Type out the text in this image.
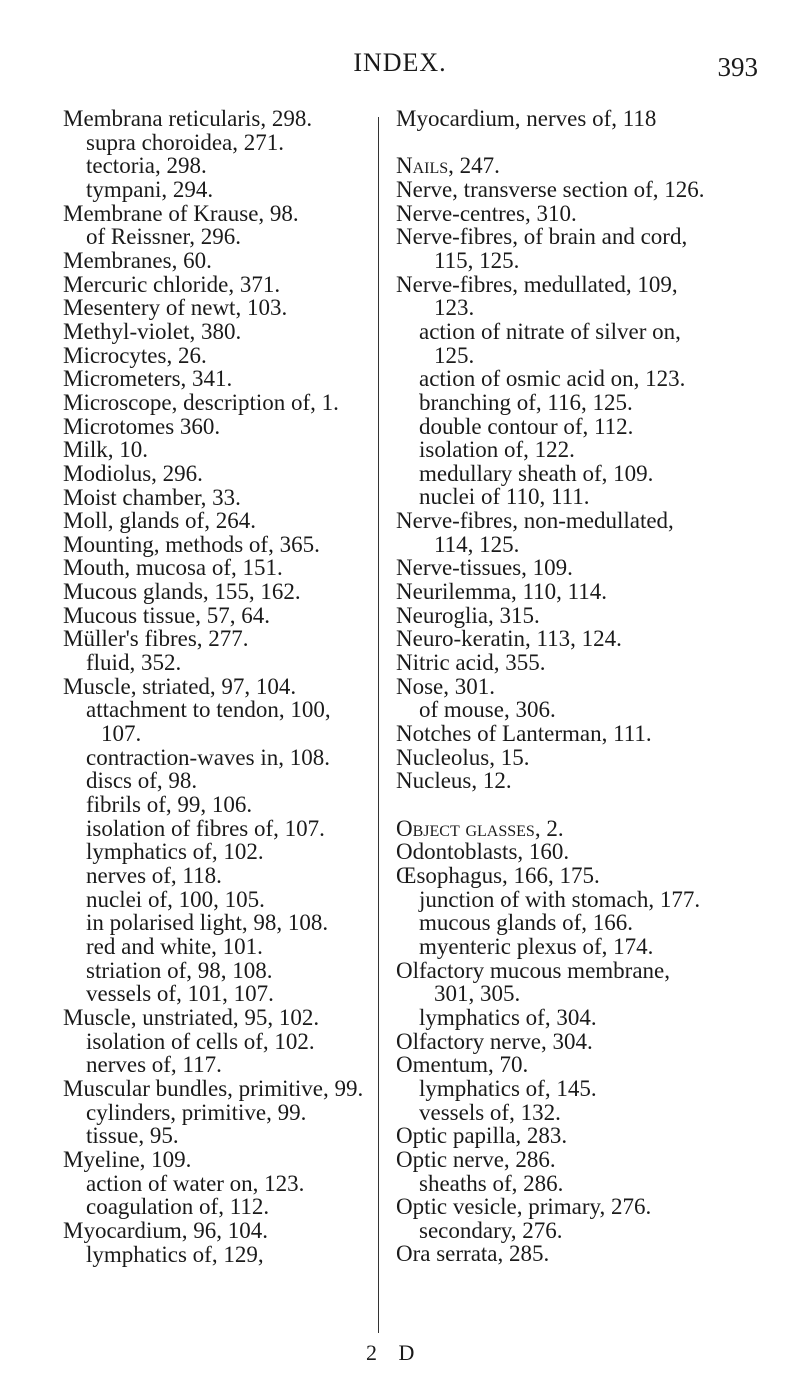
INDEX.	393
Membrana reticularis, 298.
supra choroidea, 271.
tectoria, 298.
tympani, 294.
Membrane of Krause, 98.
of Reissner, 296.
Membranes, 60.
Mercuric chloride, 371.
Mesentery of newt, 103.
Methyl-violet, 380.
Microcytes, 26.
Micrometers, 341.
Microscope, description of, 1.
Microtomes 360.
Milk, 10.
Modiolus, 296.
Moist chamber, 33.
Moll, glands of, 264.
Mounting, methods of, 365.
Mouth, mucosa of, 151.
Mucous glands, 155, 162.
Mucous tissue, 57, 64.
Müller's fibres, 277.
fluid, 352.
Muscle, striated, 97, 104.
attachment to tendon, 100,
107.
contraction-waves in, 108.
discs of, 98.
fibrils of, 99, 106.
isolation of fibres of, 107.
lymphatics of, 102.
nerves of, 118.
nuclei of, 100, 105.
in polarised light, 98, 108.
red and white, 101.
striation of, 98, 108.
vessels of, 101, 107.
Muscle, unstriated, 95, 102.
isolation of cells of, 102.
nerves of, 117.
Muscular bundles, primitive, 99.
cylinders, primitive, 99.
tissue, 95.
Myeline, 109.
action of water on, 123.
coagulation of, 112.
Myocardium, 96, 104.
lymphatics of, 129,
Myocardium, nerves of, 118
Nails, 247.
Nerve, transverse section of, 126.
Nerve-centres, 310.
Nerve-fibres, of brain and cord,
115, 125.
Nerve-fibres, medullated, 109,
123.
action of nitrate of silver on,
125.
action of osmic acid on, 123.
branching of, 116, 125.
double contour of, 112.
isolation of, 122.
medullary sheath of, 109.
nuclei of 110, 111.
Nerve-fibres, non-medullated,
114, 125.
Nerve-tissues, 109.
Neurilemma, 110, 114.
Neuroglia, 315.
Neuro-keratin, 113, 124.
Nitric acid, 355.
Nose, 301.
of mouse, 306.
Notches of Lanterman, 111.
Nucleolus, 15.
Nucleus, 12.
Object glasses, 2.
Odontoblasts, 160.
Œsophagus, 166, 175.
junction of with stomach, 177.
mucous glands of, 166.
myenteric plexus of, 174.
Olfactory mucous membrane,
301, 305.
lymphatics of, 304.
Olfactory nerve, 304.
Omentum, 70.
lymphatics of, 145.
vessels of, 132.
Optic papilla, 283.
Optic nerve, 286.
sheaths of, 286.
Optic vesicle, primary, 276.
secondary, 276.
Ora serrata, 285.
2 D
